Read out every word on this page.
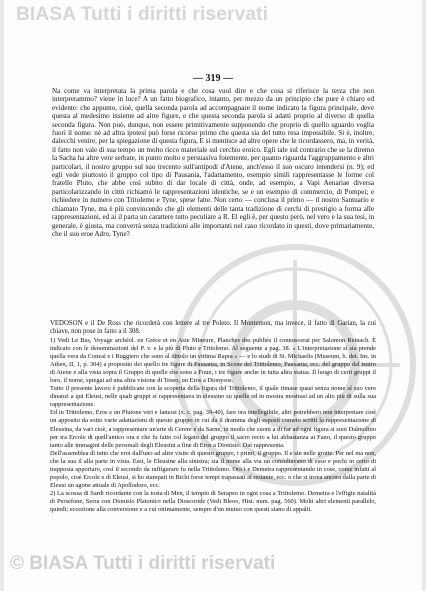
BIASA Tutti i diritti riservati
— 319 —

Na come va interpretata la prima parola e che cosa vuol dire e che cosa si riferisce la terza che non interpretammo? viene in luce? A un fatto biografico, intanto, per mezzo da un principio che pure è chiaro ed evidente: che appunto, cioè, quella seconda parola ad accompagnare il nome indicato la figura principale, deve questa al medesimo insieme ad altre figure, e che questa seconda parola si adatti proprio al diverso di quella seconda figura. Non può, dunque, non essere primitivamente supponendo che proprio di quello sguardo voglia fuori il nome: nè ad altra ipotesi può forse ricorso primo che questa sia del tutto resa impossibile. Si è, inoltre, dalecchi venire, per la spiegazione di questa figura, E si mentisce ad altre opere che le ricordassero, ma, in verità, il fatto non vale di sua tempo un molto ricco materiale sul cerchio eroico. Egli tale sul contrario che se la diremo la Sacha ha altre vere serbate, in punto molto e persuasiva fotemente, per quanto riguarda l'aggruppamento e altri particolari, il nostro gruppo sul suo trecento sull'antipodi d'Atene, anch'esso il suo oscuro intendersi (n. 9); ed egli vede piuttosto il gruppo col tipo di Pausania, l'adattamento, esempio simili rappresentasse le forme col fratello Pluto, che abbe così subito di dar locale di città, onde, ad esempio, a Vapi Aenariae diversa particolarizzando in cittù richiamò le rappresentazioni identiche, se e un esempio di commercio, di Pompei; e richiedere in numero con Tritolemo e Tyne, spese fatte. Non certo — conclusa il primo — il nostro Santuario e chiamato Tyne, ma è più convincendo che gli elementi delle tanta tradizione di cerchi di prestigio a forma alle rappresentazioni, ed ai il parta un carattere tutto peculiare a R. El egli è, per questo però, nel vero e la sua tesi, in generale, è giusta, ma converrà senza tradizioni alle importanti nel caso ricordato in questi, dove primariamente, che il suo eroe Adro, Tyne?

VEDOSON e il De Ross che ricorderà con lettere al tre Poleto. Il Montemon, ma invece, il fatto di Garian, la cui chiave, non pose in fatto a il 308.

1) Vedi Le Bas, Voyage archéol. en Grèce et en Asie Mineure, Planches des publiés il connoscerai per Salomon Reinach. È indicato con le denominazioni del P. v. e la più di Pluto e Tritolemo. Al seguente a pag. 38. « L'interpretazione sì sia prende quella vera da Conzai e i Ruggiero che sono al dittolo un vittima Rapra » — e lo studi di St. Michaelis (Museum, b. det. Ins. in Athen, II, 1, p. 304) a proposito dei quello tre figure di Pausania, in Scene del Trittolemo, Pausania, ecc. del gruppo dal teatro di Atene e alla vista sopra il Gruppo di quelle che sono a Foun, i tre figure anche in tutta altra statua. Il luogo di certi gruppi il loro, il nome, spiegai ad una altra visione di Teseo, un Eros a Dionysos.

Tutto il presente lavoro è pubblicato con la scoperta della figura del Trittolemo, il quale rimase quasi senza nome al suo vero dinanzi a qui Eleusi, nelle quali gruppi si rappresentava in eleusino su quelle ed in mostra mostrasi ad un alto più di sulla sua rappresentazione.

Ed in Trittolemo, Eros e un Plutone veri e famosi (x. c. pag. 39-40), fare ora intellegibile, altri potrebbero non interpretare cioè un apposito da sotto varie adattazioni di questo gruppo in cui da il dramma degli espostì cometo scritti la rappresentazione di Eleusina, da vari cioè, a rappresentare un'arte di Cerere e da Sarne, in modo che suoni a di far ad ogni figura si suoi Dalmolino per tra Ercole di quell'antico ora e che fu fatto col legato del gruppo il sacro recto a lui abbastanza ai Fano, il questo gruppo tanto alle immagini delle personali degli Eleusini a fine di Eros a Dionisio. Dai rappresenta.

Dell'assemblea di tutto che eroi dall'uno ad altre visite di questo gruppo, i primi, il gruppo. Il e sin nelle grotte. Per nel ma non, che la sua il alla parte in vista. Essi, le Eleusine alla sinistra; sia il nome alla via un consultavano di esso e pochi in certo di trapposta apportaro, così il secondo da raffigurare fu nella Trittolemo. Ora i e Demetra rappresentando in cose, come infatti al popolo, cioè Ercole e di Eleusi, si ho stampati in Bichi forse tempi trapassati al restante, ecc. o che si trova ancora dalla parte di Eleusi un agone attuale di Apollodoro, ecc.

2) La scossa di Sardi ricordante con la tosta di Men, il tempio di Serapeo in ogni cosa a Trittolemo. Demetra e l'effigie natalità di Persefone, Serra con Dionisio Platonico nella Dioscoride (Vedi Bleoo, Hist. num. pag. 560). Molti altri elementi parallelo, quindi; eccezione alla conversione e a cui ottimamente, sempre d'un mutuo con questi siano di appalti.

© BIASA Tutti i diritti riservati
